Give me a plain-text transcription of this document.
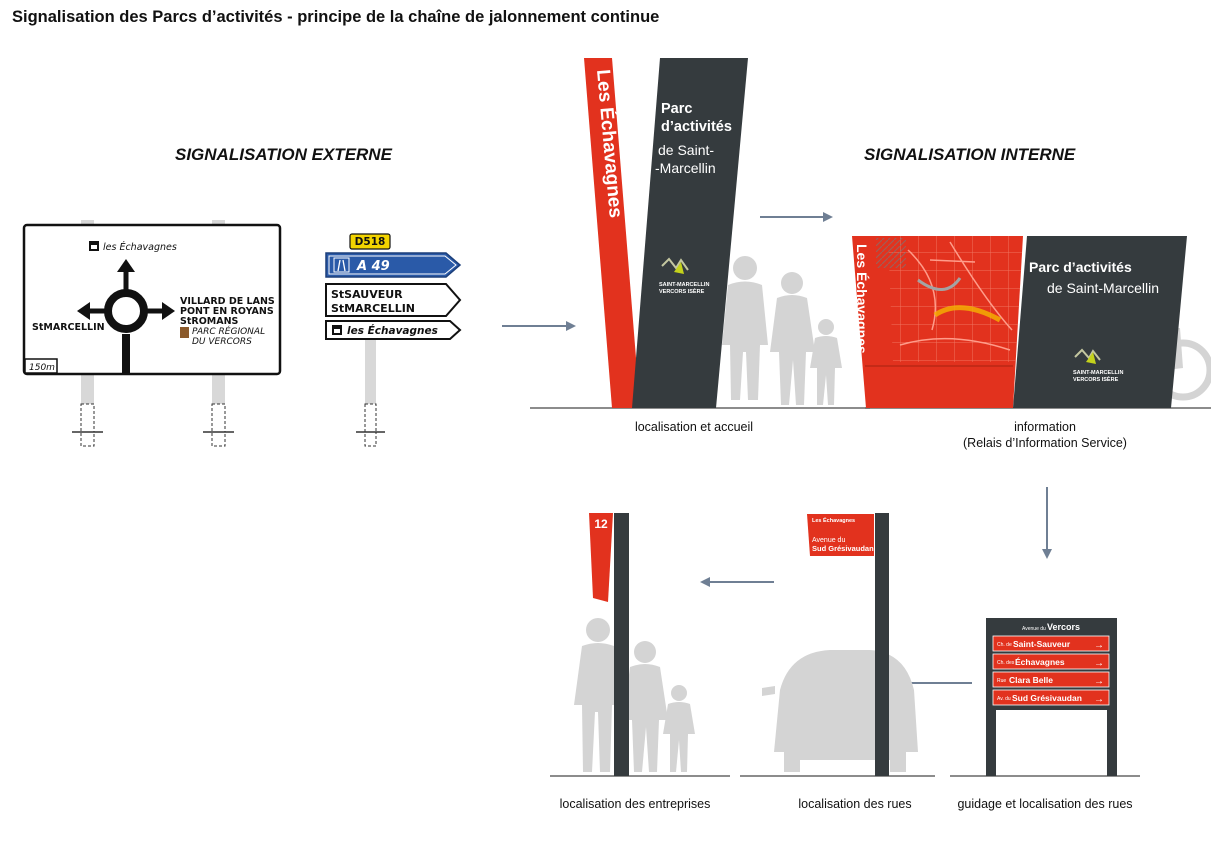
Signalisation des Parcs d’activités - principe de la chaîne de jalonnement continue
SIGNALISATION EXTERNE	SIGNALISATION INTERNE
les Échavagnes
StMARCELLIN
VILLARD DE LANS
PONT EN ROYANS
StROMANS
PARC RÉGIONAL
DU VERCORS
150m
D518
A 49
StSAUVEUR
StMARCELLIN
les Échavagnes
Les Échavagnes Parc
d’activités
de Saint-
-Marcellin
SAINT-MARCELLIN
VERCORS ISÈRE	Les Échavagnes	Parc d’activités
de Saint-Marcellin
SAINT-MARCELLIN
VERCORS ISÈRE
12	Les Échavagnes
Avenue du
Sud Grésivaudan
Avenue du Vercors
Ch. de Saint-Sauveur →
Ch. des Échavagnes	→
Rue Clara Belle	→
Av. du Sud Grésivaudan →
localisation et accueil	information
(Relais d’Information Service)
localisation des entreprises	localisation des rues	guidage et localisation des rues
